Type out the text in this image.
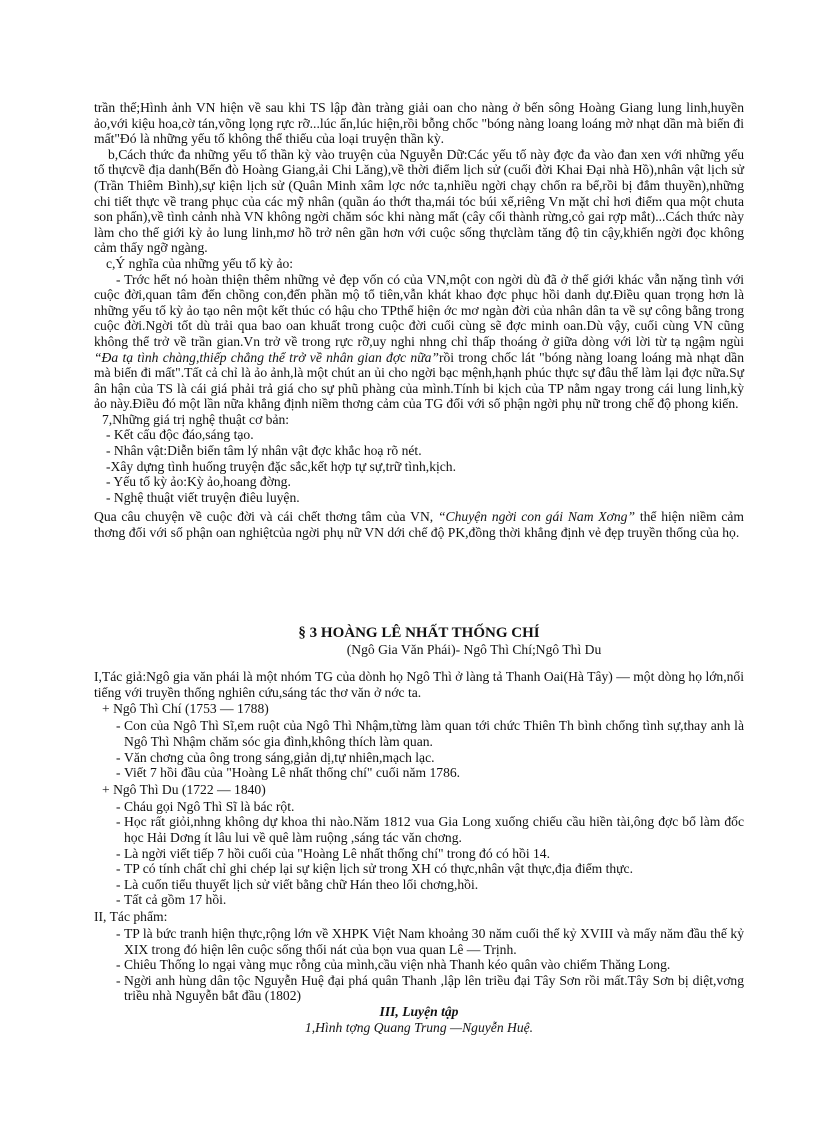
trần thế;Hình ảnh VN hiện về sau khi TS lập đàn tràng giải oan cho nàng ở bến sông Hoàng Giang lung linh,huyền ảo,với kiệu hoa,cờ tán,võng lọng rực rỡ...lúc ẩn,lúc hiện,rồi bỗng chốc "bóng nàng loang loáng mờ nhạt dần mà biến đi mất"Đó là những yếu tố không thể thiếu của loại truyện thần kỳ.

b,Cách thức đa những yếu tố thần kỳ vào truyện của Nguyễn Dữ:Các yếu tố này đợc đa vào đan xen với những yếu tố thựcvề địa danh(Bến đò Hoàng Giang,ải Chi Lăng),về thời điểm lịch sử (cuối đời Khai Đại nhà Hồ),nhân vật lịch sử (Trần Thiêm Bình),sự kiện lịch sử (Quân Minh xâm lợc nớc ta,nhiều ngời chạy chốn ra bể,rồi bị đắm thuyền),những chi tiết thực về trang phục của các mỹ nhân (quần áo thớt tha,mái tóc búi xế,riêng Vn mặt chỉ hơi điểm qua một chuta son phấn),về tình cảnh nhà VN không ngời chăm sóc khi nàng mất (cây cối thành rừng,cỏ gai rợp mắt)...Cách thức này làm cho thế giới kỳ ảo lung linh,mơ hồ trở nên gần hơn với cuộc sống thựclàm tăng độ tin cậy,khiến ngời đọc không cảm thấy ngỡ ngàng.

c,Ý nghĩa của những yếu tố kỳ ảo:

- Trớc hết nó hoàn thiện thêm những vẻ đẹp vốn có của VN,một con ngời dù đã ở thế giới khác vẫn nặng tình với cuộc đời,quan tâm đến chồng con,đến phần mộ tổ tiên,vẫn khát khao đợc phục hồi danh dự.Điều quan trọng hơn là những yếu tố kỳ ảo tạo nên một kết thúc có hậu cho TPthể hiện ớc mơ ngàn đời của nhân dân ta về sự công bằng trong cuộc đời.Ngời tốt dù trải qua bao oan khuất trong cuộc đời cuối cùng sẽ đợc minh oan.Dù vậy, cuối cùng VN cũng không thể trở về trần gian.Vn trở về trong rực rỡ,uy nghi nhng chỉ thấp thoáng ở giữa dòng với lời từ tạ ngậm ngùi “Đa tạ tình chàng,thiếp chẳng thể trở về nhân gian đợc nữa”rồi trong chốc lát "bóng nàng loang loáng mà nhạt dần mà biến đi mất".Tất cả chỉ là ảo ảnh,là một chút an ủi cho ngời bạc mệnh,hạnh phúc thực sự đâu thể làm lại đợc nữa.Sự ân hận của TS là cái giá phải trả giá cho sự phũ phàng của mình.Tính bi kịch của TP nằm ngay trong cái lung linh,kỳ ảo này.Điều đó một lần nữa khẳng định niềm thơng cảm của TG đối với số phận ngời phụ nữ trong chế độ phong kiến.

7,Những giá trị nghệ thuật cơ bản:

- Kết cấu độc đáo,sáng tạo.
- Nhân vật:Diễn biến tâm lý nhân vật đợc khắc hoạ rõ nét.
-Xây dựng tình huống truyện đặc sắc,kết hợp tự sự,trữ tình,kịch.
- Yếu tố kỳ ảo:Kỳ ảo,hoang đờng.
- Nghệ thuật viết truyện điêu luyện.

Qua câu chuyện về cuộc đời và cái chết thơng tâm của VN, “Chuyện ngời con gái Nam Xơng” thể hiện niềm cảm thơng đối với số phận oan nghiệtcủa ngời phụ nữ VN dới chế độ PK,đồng thời khẳng định vẻ đẹp truyền thống của họ.

§ 3 HOÀNG LÊ NHẤT THỐNG CHÍ
(Ngô Gia Văn Phái)- Ngô Thì Chí;Ngô Thì Du

I,Tác giả:Ngô gia văn phái là một nhóm TG của dònh họ Ngô Thì ở làng tả Thanh Oai(Hà Tây) — một dòng họ lớn,nổi tiếng với truyền thống nghiên cứu,sáng tác thơ văn ở nớc ta.

+ Ngô Thì Chí (1753 — 1788)
- Con của Ngô Thì Sĩ,em ruột của Ngô Thì Nhậm,từng làm quan tới chức Thiên Th bình chống tình sự,thay anh là Ngô Thì Nhậm chăm sóc gia đình,không thích làm quan.
- Văn chơng của ông trong sáng,giản dị,tự nhiên,mạch lạc.
- Viết 7 hồi đầu của "Hoàng Lê nhất thống chí" cuối năm 1786.
+ Ngô Thì Du (1722 — 1840)
- Cháu gọi Ngô Thì Sĩ là bác rột.
- Học rất giỏi,nhng không dự khoa thi nào.Năm 1812 vua Gia Long xuống chiếu cầu hiền tài,ông đợc bổ làm đốc học Hải Dơng ít lâu lui về quê làm ruộng ,sáng tác văn chơng.
- Là ngời viết tiếp 7 hồi cuối của "Hoàng Lê nhất thống chí" trong đó có hồi 14.
- TP có tính chất chỉ ghi chép lại sự kiện lịch sử trong XH có thực,nhân vật thực,địa điểm thực.
- Là cuốn tiểu thuyết lịch sử viết bằng chữ Hán theo lối chơng,hồi.
- Tất cả gồm 17 hồi.
II, Tác phẩm:
- TP là bức tranh hiện thực,rộng lớn về XHPK Việt Nam khoảng 30 năm cuối thế kỷ XVIII và mấy năm đầu thế kỷ XIX trong đó hiện lên cuộc sống thối nát của bọn vua quan Lê — Trịnh.
- Chiêu Thống lo ngại vàng mục rỗng của mình,cầu viện nhà Thanh kéo quân vào chiếm Thăng Long.
- Ngời anh hùng dân tộc Nguyễn Huệ đại phá quân Thanh ,lập lên triều đại Tây Sơn rồi mất.Tây Sơn bị diệt,vơng triều nhà Nguyễn bắt đầu (1802)
III, Luyện tập
1,Hình tợng Quang Trung —Nguyễn Huệ.
